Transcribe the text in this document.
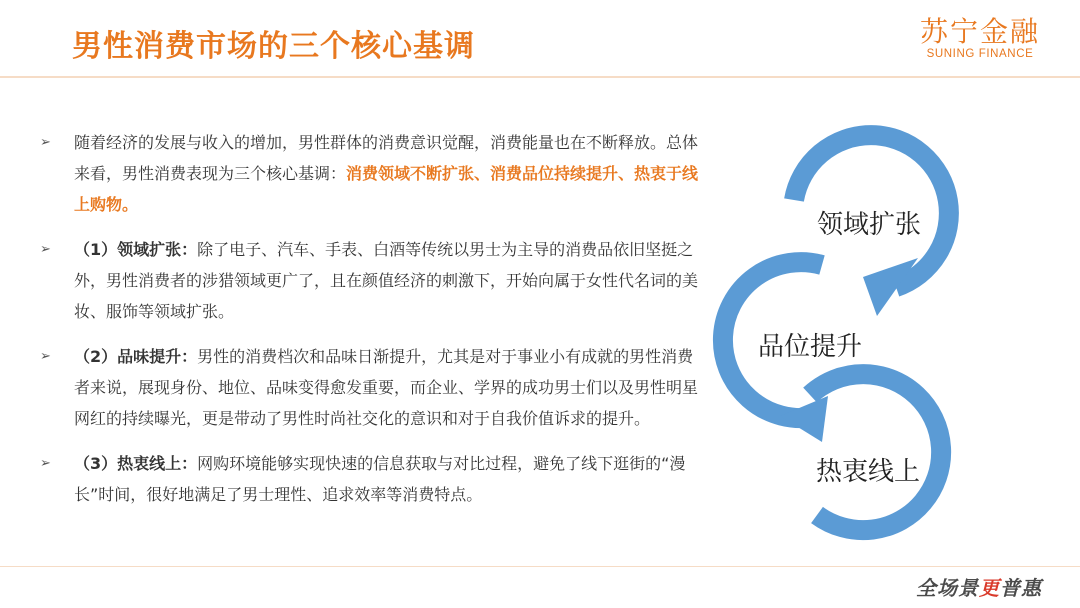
男性消费市场的三个核心基调	苏宁金融
SUNING FINANCE
➢ 随着经济的发展与收入的增加，男性群体的消费意识觉醒，消费能量也在不断释放。总体来看，男性消费表现为三个核心基调：消费领域不断扩张、消费品位持续提升、热衷于线上购物。
➢ （1）领域扩张：除了电子、汽车、手表、白酒等传统以男士为主导的消费品依旧坚挺之外，男性消费者的涉猎领域更广了，且在颜值经济的刺激下，开始向属于女性代名词的美妆、服饰等领域扩张。
➢ （2）品味提升：男性的消费档次和品味日渐提升，尤其是对于事业小有成就的男性消费者来说，展现身份、地位、品味变得愈发重要，而企业、学界的成功男士们以及男性明星网红的持续曝光，更是带动了男性时尚社交化的意识和对于自我价值诉求的提升。
➢ （3）热衷线上：网购环境能够实现快速的信息获取与对比过程，避免了线下逛街的“漫长”时间，很好地满足了男士理性、追求效率等消费特点。
领域扩张
品位提升
热衷线上
全场景更普惠
